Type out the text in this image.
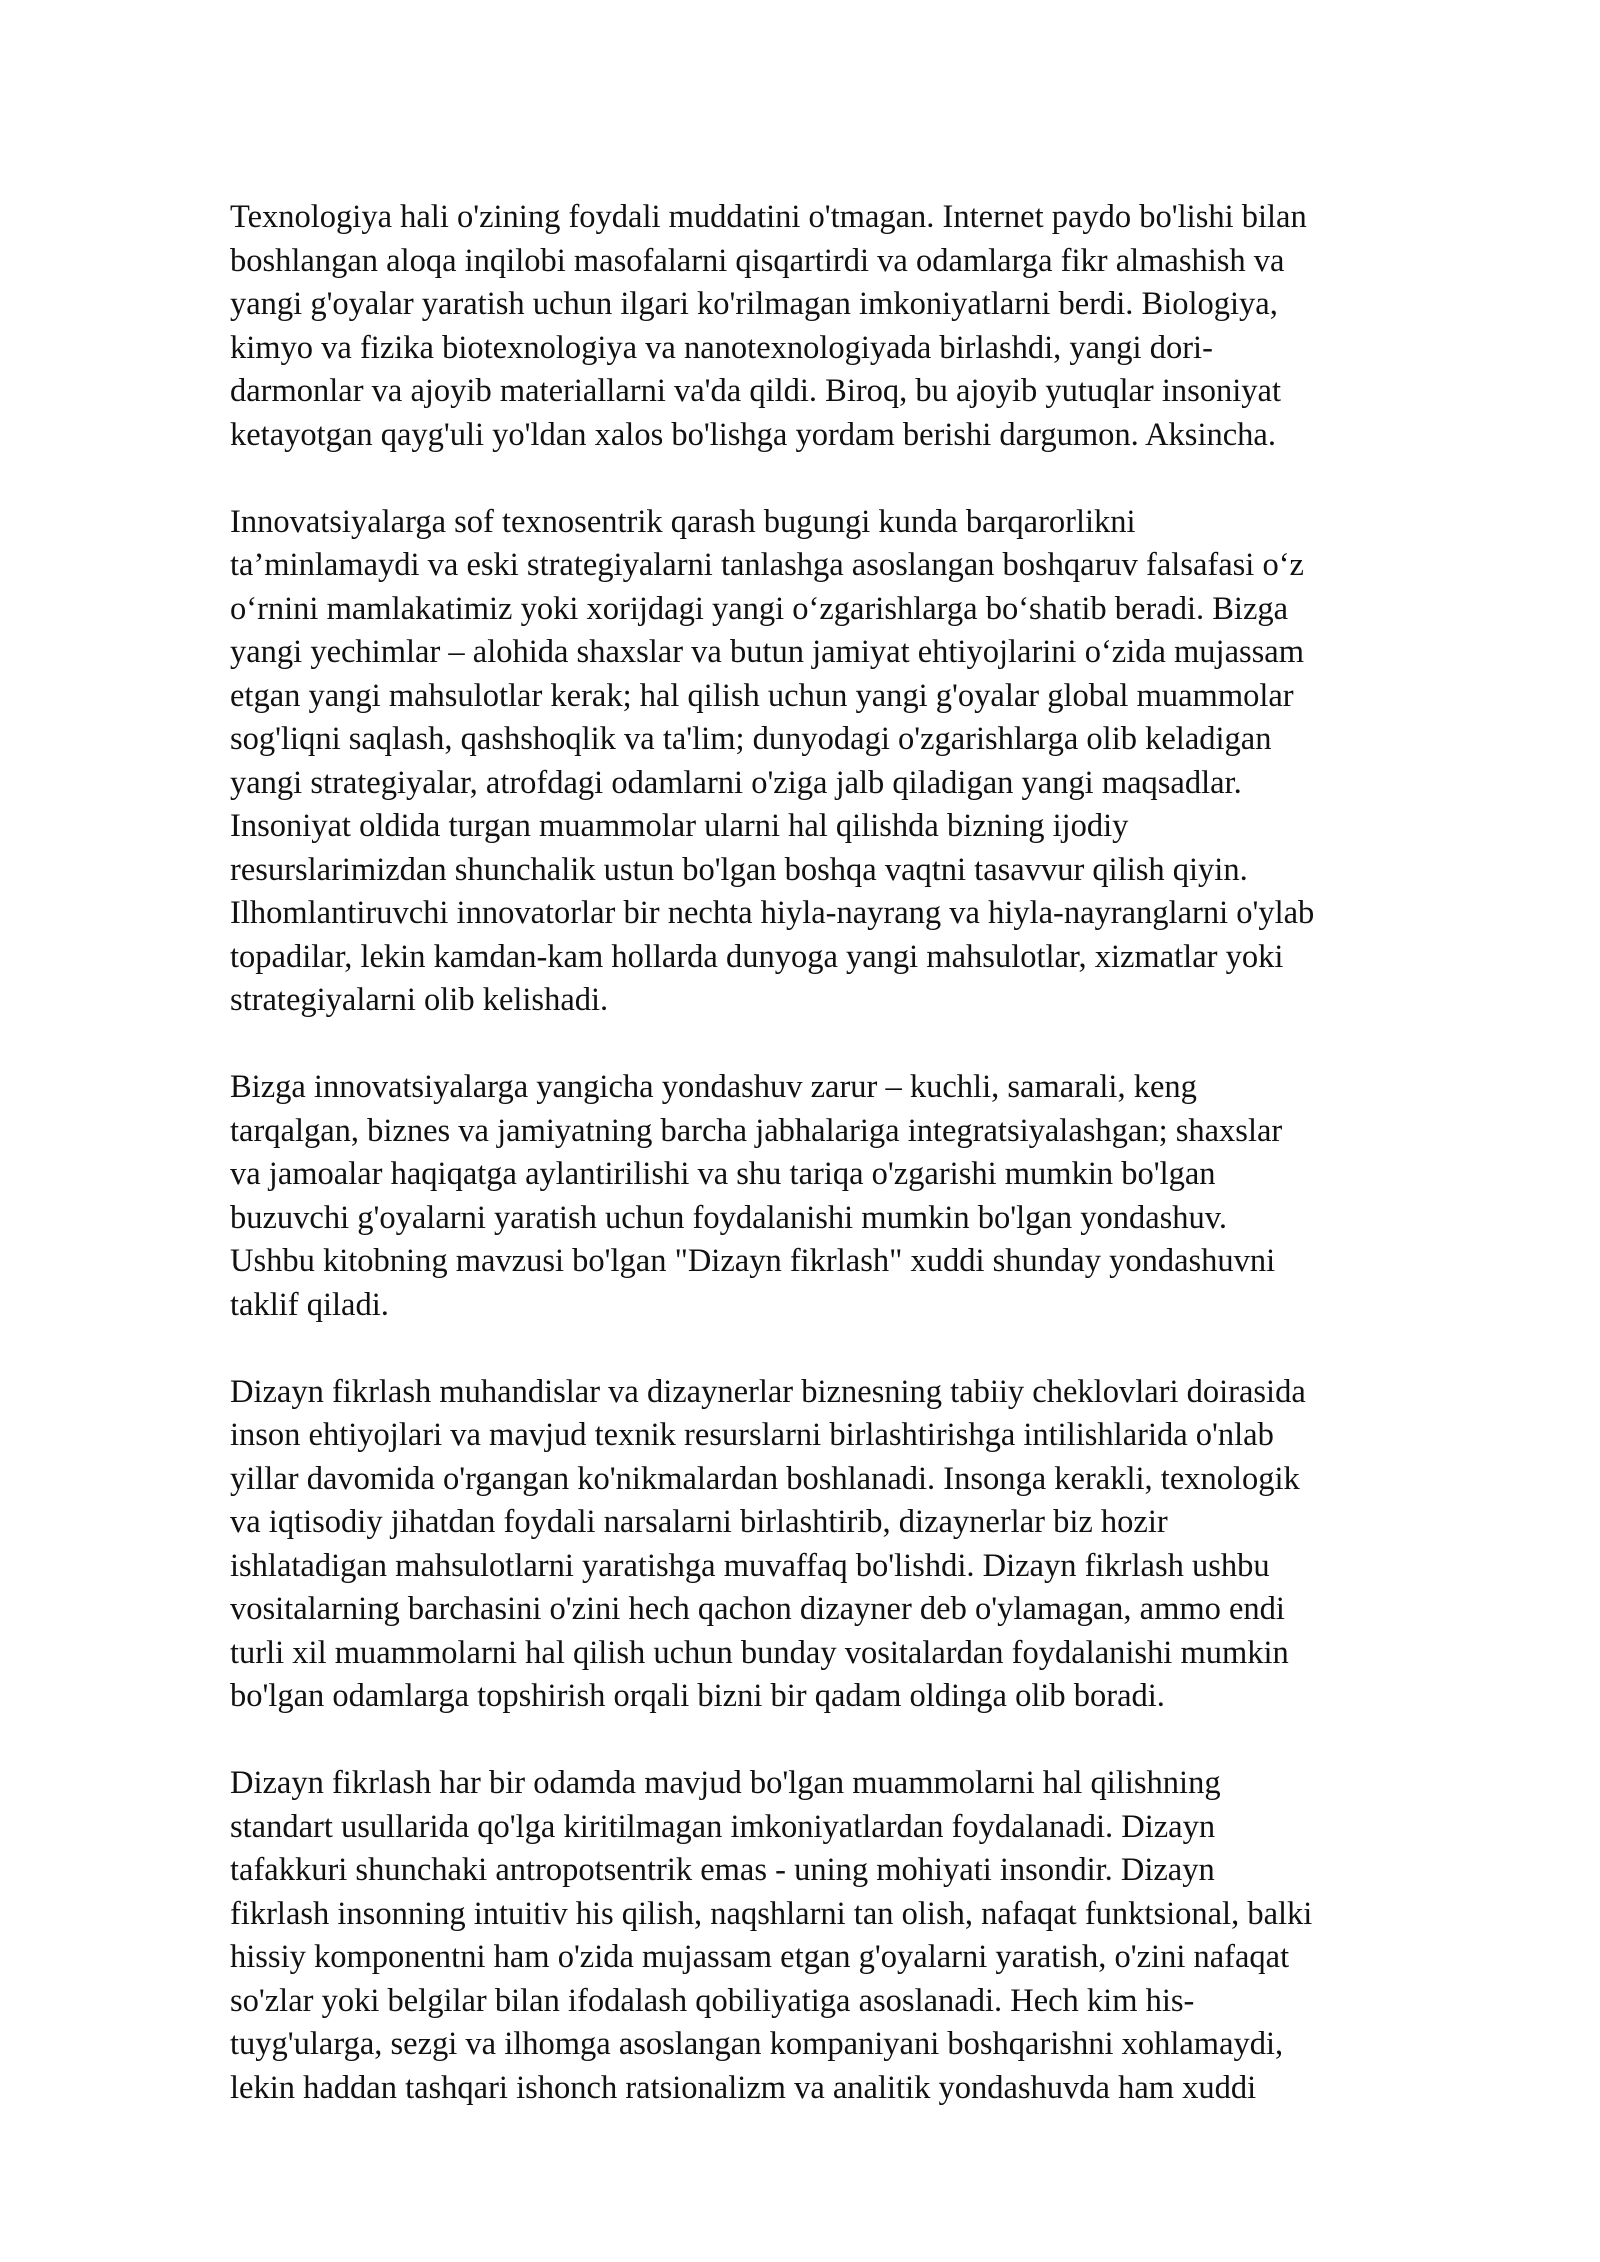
Texnologiya hali o'zining foydali muddatini o'tmagan. Internet paydo bo'lishi bilan
boshlangan aloqa inqilobi masofalarni qisqartirdi va odamlarga fikr almashish va
yangi g'oyalar yaratish uchun ilgari ko'rilmagan imkoniyatlarni berdi. Biologiya,
kimyo va fizika biotexnologiya va nanotexnologiyada birlashdi, yangi dori-
darmonlar va ajoyib materiallarni va'da qildi. Biroq, bu ajoyib yutuqlar insoniyat
ketayotgan qayg'uli yo'ldan xalos bo'lishga yordam berishi dargumon. Aksincha.

Innovatsiyalarga sof texnosentrik qarash bugungi kunda barqarorlikni
ta’minlamaydi va eski strategiyalarni tanlashga asoslangan boshqaruv falsafasi o‘z
o‘rnini mamlakatimiz yoki xorijdagi yangi o‘zgarishlarga bo‘shatib beradi. Bizga
yangi yechimlar – alohida shaxslar va butun jamiyat ehtiyojlarini o‘zida mujassam
etgan yangi mahsulotlar kerak; hal qilish uchun yangi g'oyalar global muammolar
sog'liqni saqlash, qashshoqlik va ta'lim; dunyodagi o'zgarishlarga olib keladigan
yangi strategiyalar, atrofdagi odamlarni o'ziga jalb qiladigan yangi maqsadlar.
Insoniyat oldida turgan muammolar ularni hal qilishda bizning ijodiy
resurslarimizdan shunchalik ustun bo'lgan boshqa vaqtni tasavvur qilish qiyin.
Ilhomlantiruvchi innovatorlar bir nechta hiyla-nayrang va hiyla-nayranglarni o'ylab
topadilar, lekin kamdan-kam hollarda dunyoga yangi mahsulotlar, xizmatlar yoki
strategiyalarni olib kelishadi.

Bizga innovatsiyalarga yangicha yondashuv zarur – kuchli, samarali, keng
tarqalgan, biznes va jamiyatning barcha jabhalariga integratsiyalashgan; shaxslar
va jamoalar haqiqatga aylantirilishi va shu tariqa o'zgarishi mumkin bo'lgan
buzuvchi g'oyalarni yaratish uchun foydalanishi mumkin bo'lgan yondashuv.
Ushbu kitobning mavzusi bo'lgan "Dizayn fikrlash" xuddi shunday yondashuvni
taklif qiladi.

Dizayn fikrlash muhandislar va dizaynerlar biznesning tabiiy cheklovlari doirasida
inson ehtiyojlari va mavjud texnik resurslarni birlashtirishga intilishlarida o'nlab
yillar davomida o'rgangan ko'nikmalardan boshlanadi. Insonga kerakli, texnologik
va iqtisodiy jihatdan foydali narsalarni birlashtirib, dizaynerlar biz hozir
ishlatadigan mahsulotlarni yaratishga muvaffaq bo'lishdi. Dizayn fikrlash ushbu
vositalarning barchasini o'zini hech qachon dizayner deb o'ylamagan, ammo endi
turli xil muammolarni hal qilish uchun bunday vositalardan foydalanishi mumkin
bo'lgan odamlarga topshirish orqali bizni bir qadam oldinga olib boradi.

Dizayn fikrlash har bir odamda mavjud bo'lgan muammolarni hal qilishning
standart usullarida qo'lga kiritilmagan imkoniyatlardan foydalanadi. Dizayn
tafakkuri shunchaki antropotsentrik emas - uning mohiyati insondir. Dizayn
fikrlash insonning intuitiv his qilish, naqshlarni tan olish, nafaqat funktsional, balki
hissiy komponentni ham o'zida mujassam etgan g'oyalarni yaratish, o'zini nafaqat
so'zlar yoki belgilar bilan ifodalash qobiliyatiga asoslanadi. Hech kim his-
tuyg'ularga, sezgi va ilhomga asoslangan kompaniyani boshqarishni xohlamaydi,
lekin haddan tashqari ishonch ratsionalizm va analitik yondashuvda ham xuddi
